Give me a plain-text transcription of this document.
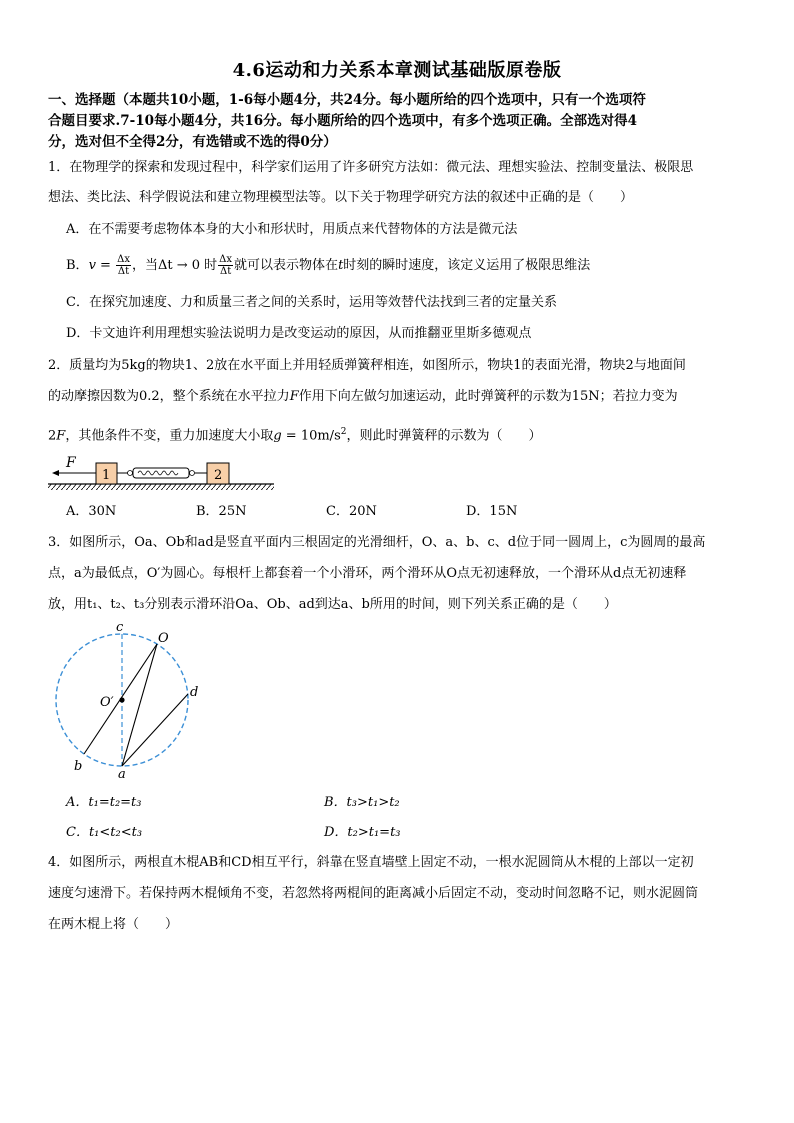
4.6运动和力关系本章测试基础版原卷版
一、选择题（本题共10小题，1-6每小题4分，共24分。每小题所给的四个选项中，只有一个选项符
合题目要求.7-10每小题4分，共16分。每小题所给的四个选项中，有多个选项正确。全部选对得4
分，选对但不全得2分，有选错或不选的得0分）
1．在物理学的探索和发现过程中，科学家们运用了许多研究方法如：微元法、理想实验法、控制变量法、极限思
想法、类比法、科学假说法和建立物理模型法等。以下关于物理学研究方法的叙述中正确的是（　　）
A．在不需要考虑物体本身的大小和形状时，用质点来代替物体的方法是微元法
B．$v = \frac{\Delta x}{\Delta t}$ ，当Δt → 0 时 $\frac{\Delta x}{\Delta t}$ 就可以表示物体在t时刻的瞬时速度，该定义运用了极限思维法
C．在探究加速度、力和质量三者之间的关系时，运用等效替代法找到三者的定量关系
D．卡文迪许利用理想实验法说明力是改变运动的原因，从而推翻亚里斯多德观点
2．质量均为5kg的物块1、2放在水平面上并用轻质弹簧秤相连，如图所示，物块1的表面光滑，物块2与地面间
的动摩擦因数为0.2，整个系统在水平拉力F作用下向左做匀加速运动，此时弹簧秤的示数为15N；若拉力变为
2F，其他条件不变，重力加速度大小取$g = 10m/s^2$，则此时弹簧秤的示数为（　　）
F
1	2
A．30N	B．25N	C．20N	D．15N
3．如图所示，Oa、Ob和ad是竖直平面内三根固定的光滑细杆，O、a、b、c、d位于同一圆周上，c为圆周的最高
点，a为最低点，O′为圆心。每根杆上都套着一个小滑环，两个滑环从O点无初速释放，一个滑环从d点无初速释
放，用t₁、t₂、t₃分别表示滑环沿Oa、Ob、ad到达a、b所用的时间，则下列关系正确的是（　　）
c
O
O′
d
b
a
A．t₁=t₂=t₃	B．t₃>t₁>t₂
C．t₁<t₂<t₃	D．t₂>t₁=t₃
4．如图所示，两根直木棍AB和CD相互平行，斜靠在竖直墙壁上固定不动，一根水泥圆筒从木棍的上部以一定初
速度匀速滑下。若保持两木棍倾角不变，若忽然将两棍间的距离减小后固定不动，变动时间忽略不记，则水泥圆筒
在两木棍上将（　　）
